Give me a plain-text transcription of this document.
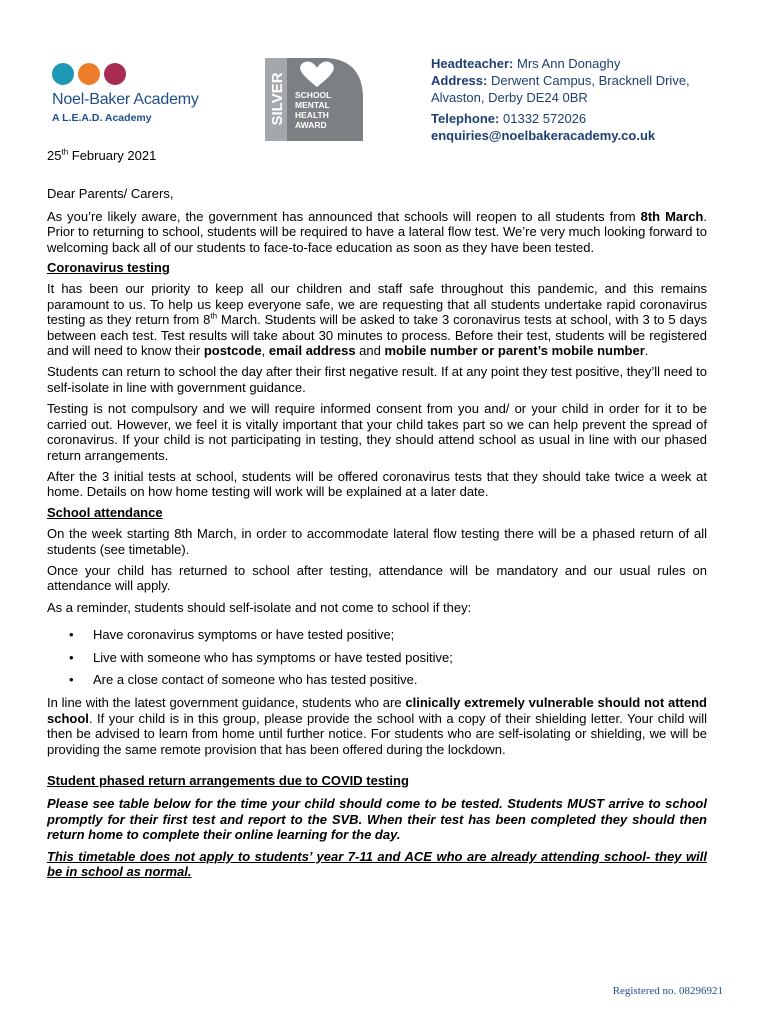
Noel-Baker Academy
A L.E.A.D. Academy	SILVER SCHOOL
MENTAL
HEALTH
AWARD
Headteacher: Mrs Ann Donaghy
Address: Derwent Campus, Bracknell Drive,
Alvaston, Derby DE24 0BR
Telephone: 01332 572026
enquiries@noelbakeracademy.co.uk

25th February 2021

Dear Parents/ Carers,

As you’re likely aware, the government has announced that schools will reopen to all students from 8th March. Prior to returning to school, students will be required to have a lateral flow test. We’re very much looking forward to welcoming back all of our students to face-to-face education as soon as they have been tested.

Coronavirus testing

It has been our priority to keep all our children and staff safe throughout this pandemic, and this remains paramount to us. To help us keep everyone safe, we are requesting that all students undertake rapid coronavirus testing as they return from 8th March. Students will be asked to take 3 coronavirus tests at school, with 3 to 5 days between each test. Test results will take about 30 minutes to process. Before their test, students will be registered and will need to know their postcode, email address and mobile number or parent’s mobile number.

Students can return to school the day after their first negative result. If at any point they test positive, they’ll need to self-isolate in line with government guidance.

Testing is not compulsory and we will require informed consent from you and/ or your child in order for it to be carried out. However, we feel it is vitally important that your child takes part so we can help prevent the spread of coronavirus. If your child is not participating in testing, they should attend school as usual in line with our phased return arrangements.

After the 3 initial tests at school, students will be offered coronavirus tests that they should take twice a week at home. Details on how home testing will work will be explained at a later date.

School attendance

On the week starting 8th March, in order to accommodate lateral flow testing there will be a phased return of all students (see timetable).

Once your child has returned to school after testing, attendance will be mandatory and our usual rules on attendance will apply.

As a reminder, students should self-isolate and not come to school if they:

• Have coronavirus symptoms or have tested positive;
• Live with someone who has symptoms or have tested positive;
• Are a close contact of someone who has tested positive.

In line with the latest government guidance, students who are clinically extremely vulnerable should not attend school. If your child is in this group, please provide the school with a copy of their shielding letter. Your child will then be advised to learn from home until further notice. For students who are self-isolating or shielding, we will be providing the same remote provision that has been offered during the lockdown.

Student phased return arrangements due to COVID testing

Please see table below for the time your child should come to be tested. Students MUST arrive to school promptly for their first test and report to the SVB. When their test has been completed they should then return home to complete their online learning for the day.

This timetable does not apply to students’ year 7-11 and ACE who are already attending school- they will be in school as normal.

Registered no. 08296921
